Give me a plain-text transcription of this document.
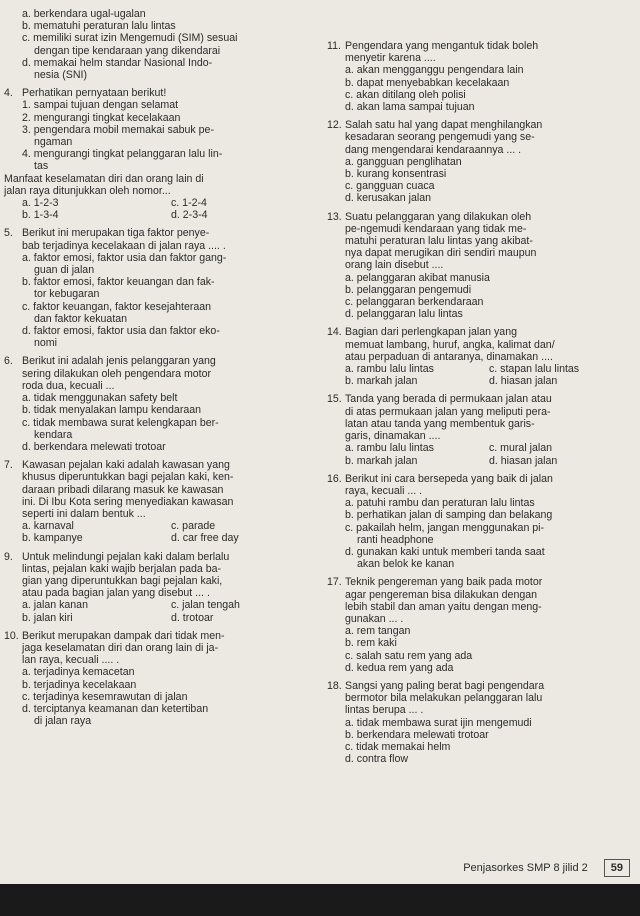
a. berkendara ugal-ugalan
b. mematuhi peraturan lalu lintas
c. memiliki surat izin Mengemudi (SIM) sesuai
dengan tipe kendaraan yang dikendarai
d. memakai helm standar Nasional Indo-
nesia (SNI)
4. Perhatikan pernyataan berikut!
1. sampai tujuan dengan selamat
2. mengurangi tingkat kecelakaan
3. pengendara mobil memakai sabuk pe-
ngaman
4. mengurangi tingkat pelanggaran lalu lin-
tas
Manfaat keselamatan diri dan orang lain di
jalan raya ditunjukkan oleh nomor...
a. 1-2-3	c. 1-2-4
b. 1-3-4	d. 2-3-4
5. Berikut ini merupakan tiga faktor penye-
bab terjadinya kecelakaan di jalan raya .... .
a. faktor emosi, faktor usia dan faktor gang-
guan di jalan
b. faktor emosi, faktor keuangan dan fak-
tor kebugaran
c. faktor keuangan, faktor kesejahteraan
dan faktor kekuatan
d. faktor emosi, faktor usia dan faktor eko-
nomi
6. Berikut ini adalah jenis pelanggaran yang
sering dilakukan oleh pengendara motor
roda dua, kecuali ...
a. tidak menggunakan safety belt
b. tidak menyalakan lampu kendaraan
c. tidak membawa surat kelengkapan ber-
kendara
d. berkendara melewati trotoar
7. Kawasan pejalan kaki adalah kawasan yang
khusus diperuntukkan bagi pejalan kaki, ken-
daraan pribadi dilarang masuk ke kawasan
ini. Di Ibu Kota sering menyediakan kawasan
seperti ini dalam bentuk ...
a. karnaval	c. parade
b. kampanye	d. car free day
9. Untuk melindungi pejalan kaki dalam berlalu
lintas, pejalan kaki wajib berjalan pada ba-
gian yang diperuntukkan bagi pejalan kaki,
atau pada bagian jalan yang disebut ... .
a. jalan kanan	c. jalan tengah
b. jalan kiri	d. trotoar
10. Berikut merupakan dampak dari tidak men-
jaga keselamatan diri dan orang lain di ja-
lan raya, kecuali .... .
a. terjadinya kemacetan
b. terjadinya kecelakaan
c. terjadinya kesemrawutan di jalan
d. terciptanya keamanan dan ketertiban
di jalan raya
11. Pengendara yang mengantuk tidak boleh
menyetir karena ....
a. akan mengganggu pengendara lain
b. dapat menyebabkan kecelakaan
c. akan ditilang oleh polisi
d. akan lama sampai tujuan
12. Salah satu hal yang dapat menghilangkan
kesadaran seorang pengemudi yang se-
dang mengendarai kendaraannya ... .
a. gangguan penglihatan
b. kurang konsentrasi
c. gangguan cuaca
d. kerusakan jalan
13. Suatu pelanggaran yang dilakukan oleh
pe-ngemudi kendaraan yang tidak me-
matuhi peraturan lalu lintas yang akibat-
nya dapat merugikan diri sendiri maupun
orang lain disebut ....
a. pelanggaran akibat manusia
b. pelanggaran pengemudi
c. pelanggaran berkendaraan
d. pelanggaran lalu lintas
14. Bagian dari perlengkapan jalan yang
memuat lambang, huruf, angka, kalimat dan/
atau perpaduan di antaranya, dinamakan ....
a. rambu lalu lintas	c. stapan lalu lintas
b. markah jalan	d. hiasan jalan
15. Tanda yang berada di permukaan jalan atau
di atas permukaan jalan yang meliputi pera-
latan atau tanda yang membentuk garis-
garis, dinamakan ....
a. rambu lalu lintas	c. mural jalan
b. markah jalan	d. hiasan jalan
16. Berikut ini cara bersepeda yang baik di jalan
raya, kecuali ... .
a. patuhi rambu dan peraturan lalu lintas
b. perhatikan jalan di samping dan belakang
c. pakailah helm, jangan menggunakan pi-
ranti headphone
d. gunakan kaki untuk memberi tanda saat
akan belok ke kanan
17. Teknik pengereman yang baik pada motor
agar pengereman bisa dilakukan dengan
lebih stabil dan aman yaitu dengan meng-
gunakan ... .
a. rem tangan
b. rem kaki
c. salah satu rem yang ada
d. kedua rem yang ada
18. Sangsi yang paling berat bagi pengendara
bermotor bila melakukan pelanggaran lalu
lintas berupa ... .
a. tidak membawa surat ijin mengemudi
b. berkendara melewati trotoar
c. tidak memakai helm
d. contra flow
Penjasorkes SMP 8 jilid 2	59
